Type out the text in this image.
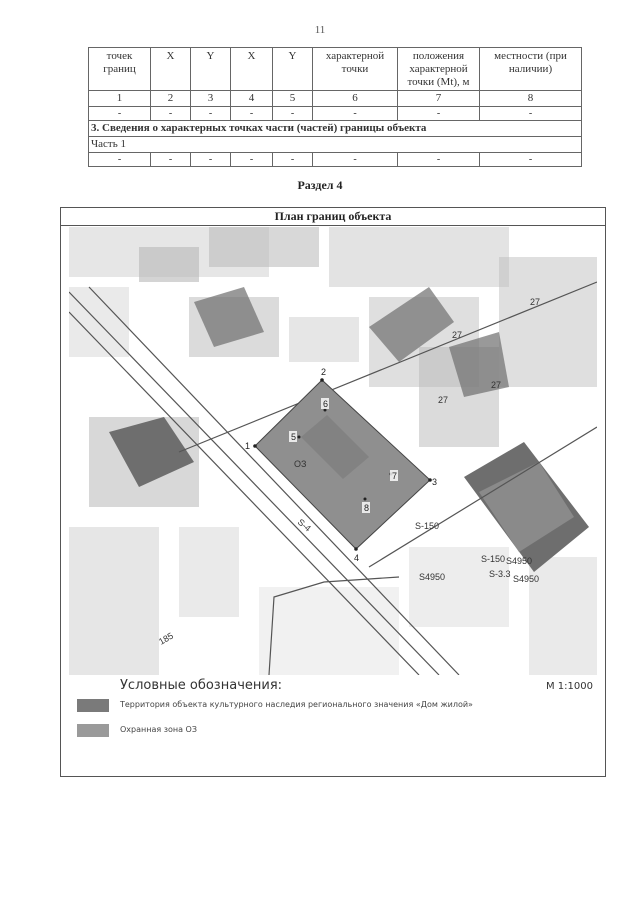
11
точек границ	X	Y	X	Y	характерной точки	положения характерной точки (Mt), м	местности (при наличии)
1	2	3	4	5	6	7	8
-	-	-	-	-	-	-	-
3. Сведения о характерных точках части (частей) границы объекта							
Часть 1							
-	-	-	-	-	-	-	-
Раздел 4
План границ объекта
ОЗ
1
2
3
4
5
6
7
8
27
27
27
27
S-150
S-150 S4950
S4950	S-3.3 S4950
S-4
185
Условные обозначения:	М 1:1000
Территория объекта культурного наследия регионального значения «Дом жилой»
Охранная зона ОЗ
